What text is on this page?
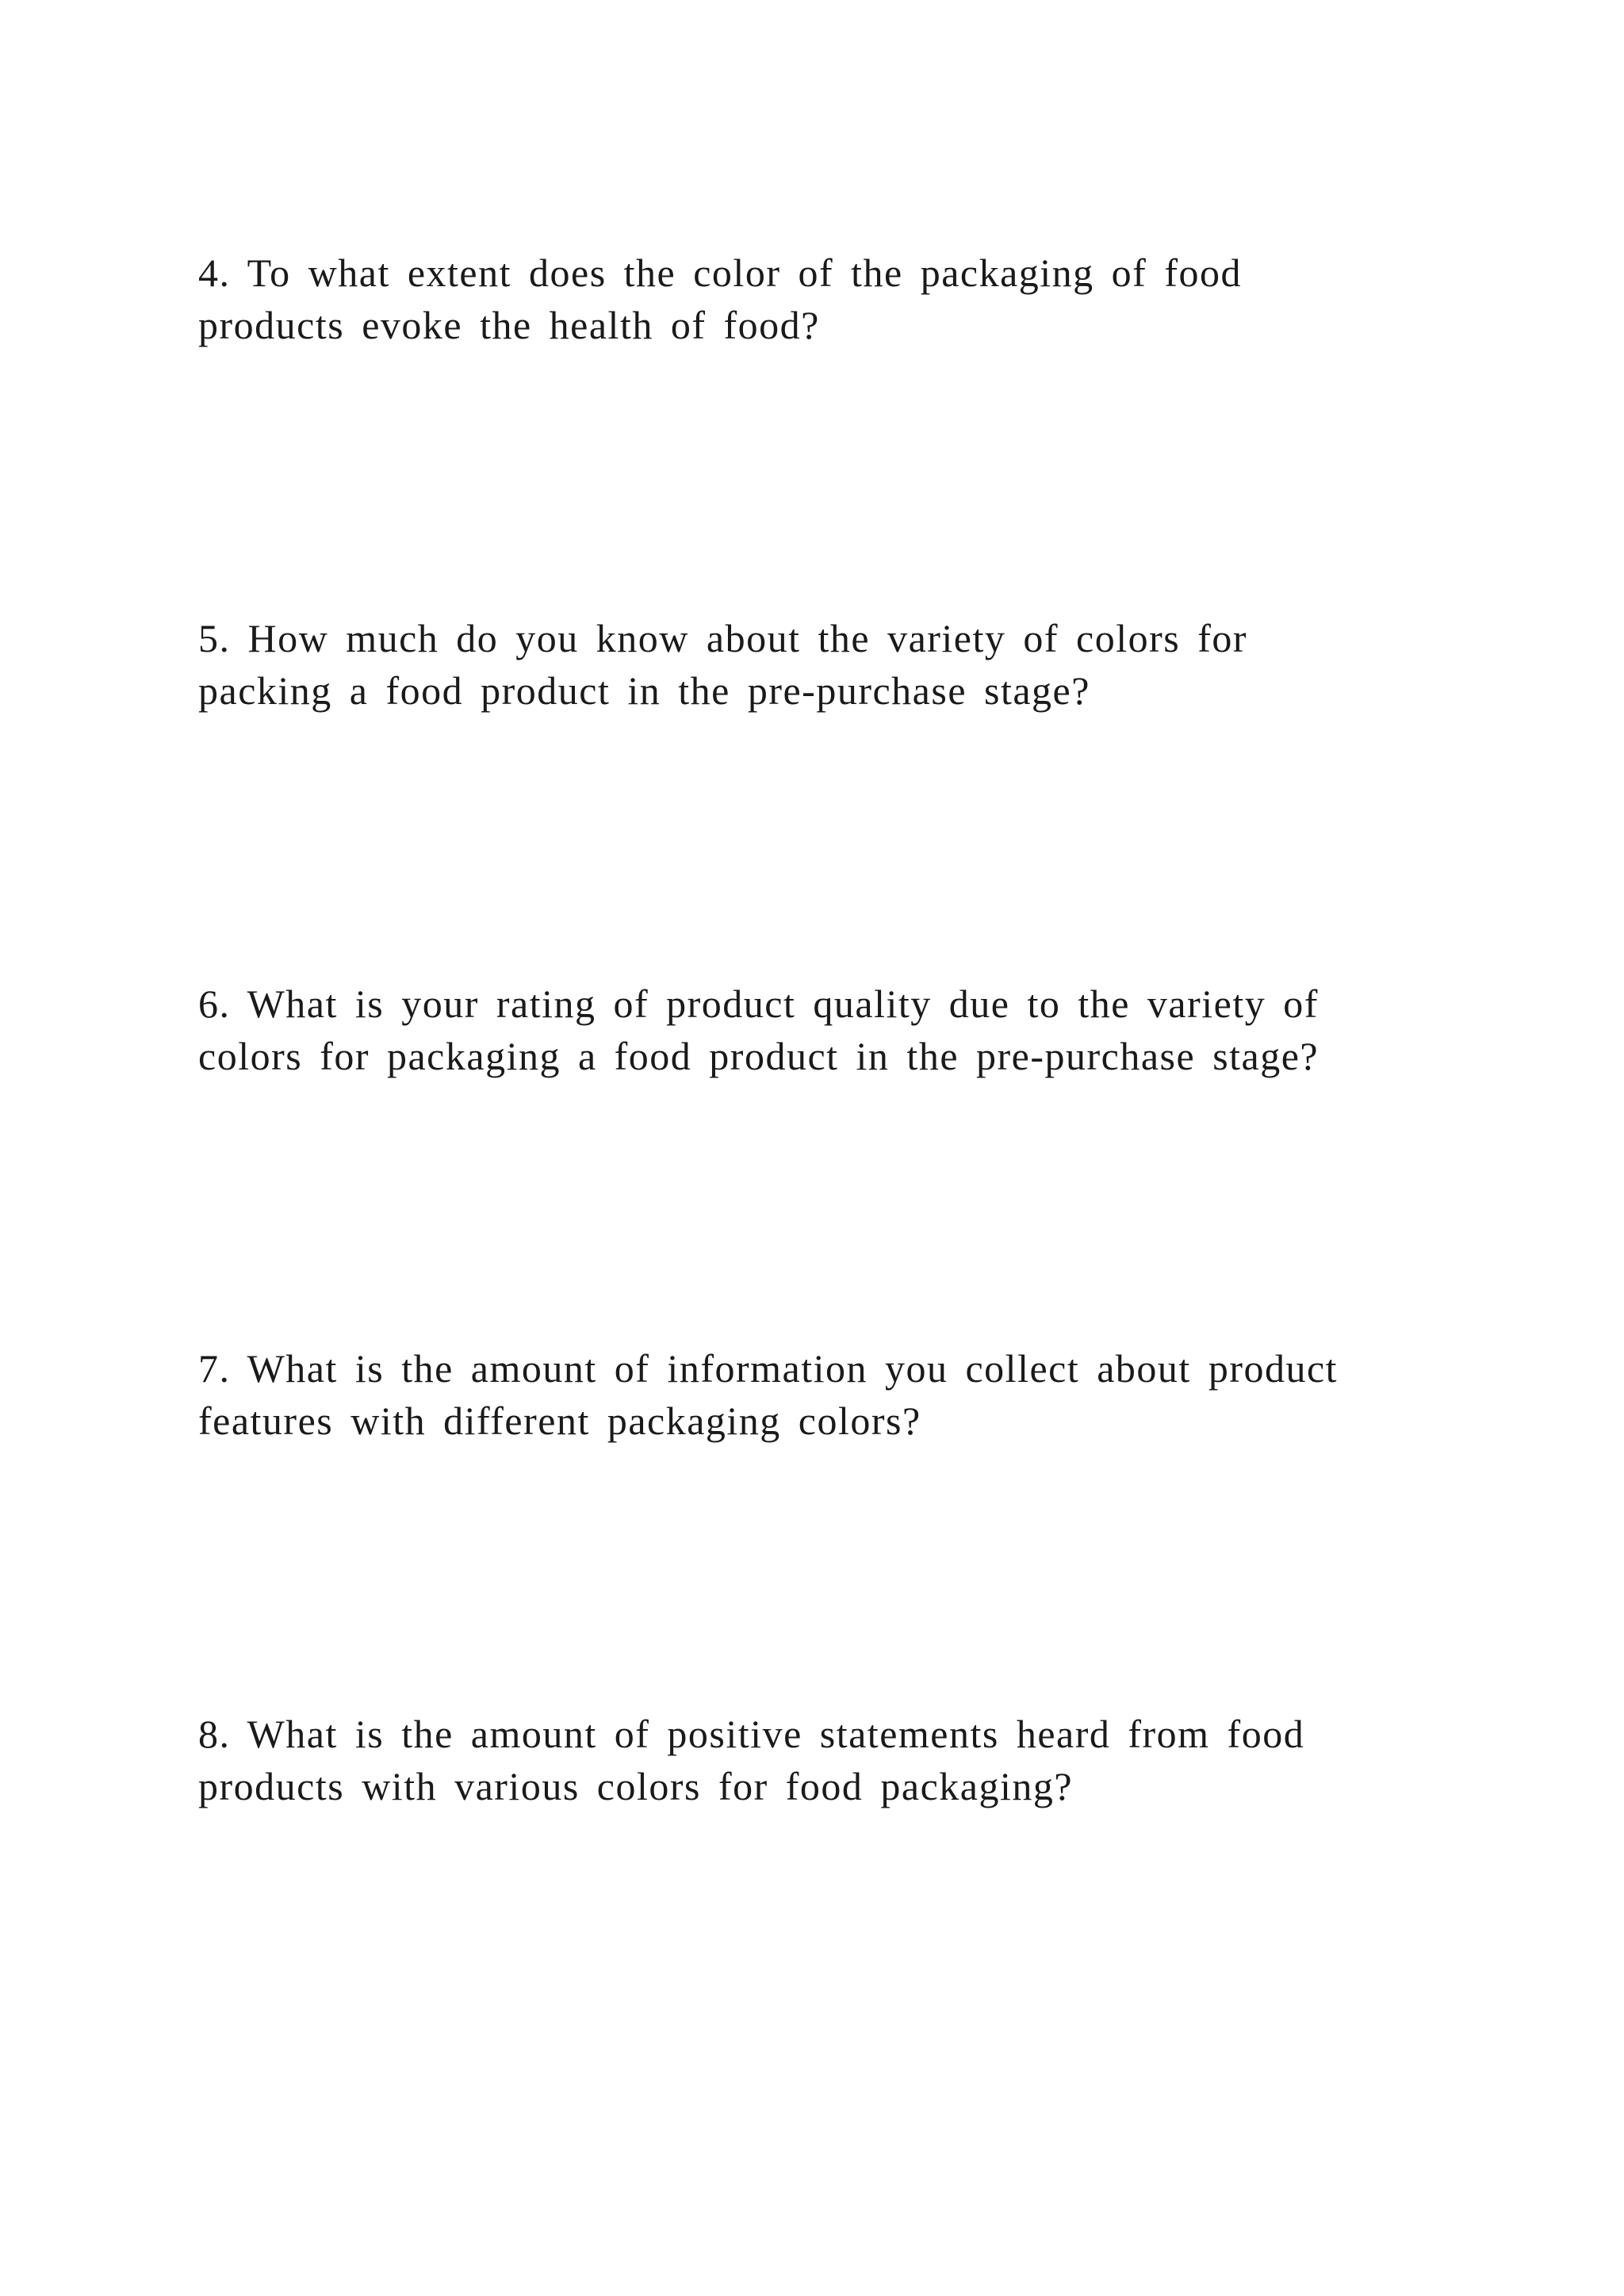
4. To what extent does the color of the packaging of food
products evoke the health of food?

5. How much do you know about the variety of colors for
packing a food product in the pre-purchase stage?

6. What is your rating of product quality due to the variety of
colors for packaging a food product in the pre-purchase stage?

7. What is the amount of information you collect about product
features with different packaging colors?

8. What is the amount of positive statements heard from food
products with various colors for food packaging?
